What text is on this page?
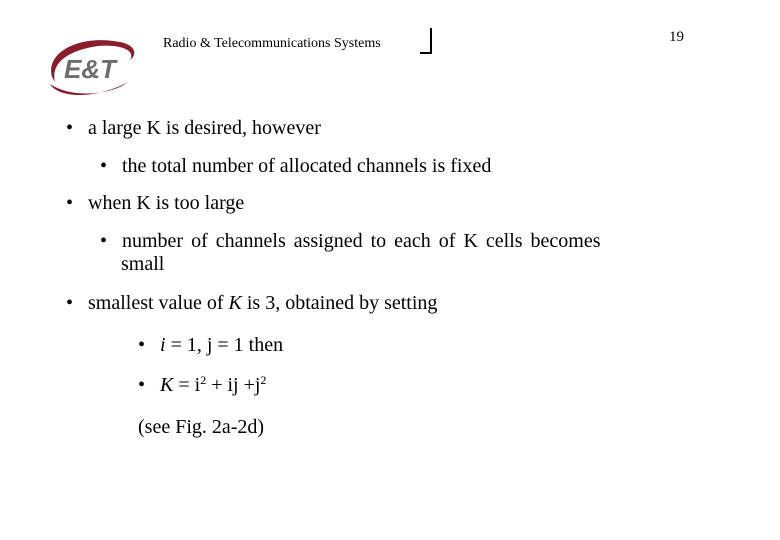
E&T
Radio & Telecommunications Systems	19
• a large K is desired, however
• the total number of allocated channels is fixed
• when K is too large
• number of channels assigned to each of K cells becomes
small
• smallest value of K is 3, obtained by setting
• i = 1, j = 1 then
• $K = i^2$ + ij $+j^2$
(see Fig. 2a-2d)
